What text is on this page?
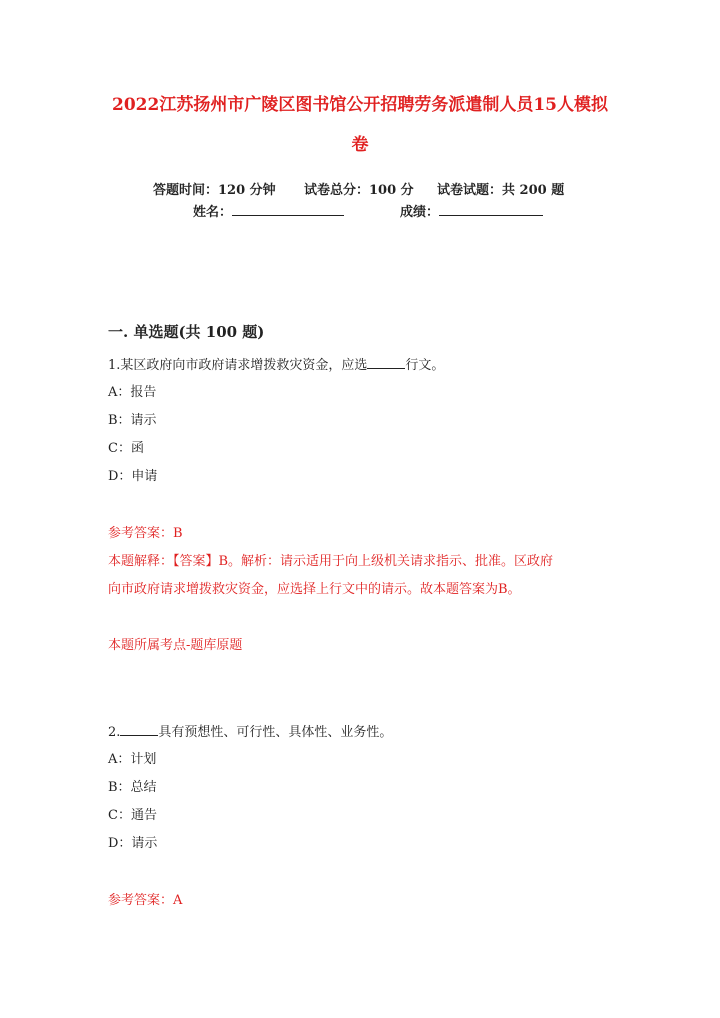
2022江苏扬州市广陵区图书馆公开招聘劳务派遣制人员15人模拟
卷
答题时间：120 分钟 试卷总分：100 分 试卷试题：共 200 题
姓名：	成绩：
一. 单选题(共 100 题)
1.某区政府向市政府请求增拨救灾资金，应选	行文。
A：报告
B：请示
C：函
D：申请
参考答案：B
本题解释：【答案】B。解析：请示适用于向上级机关请求指示、批准。区政府
向市政府请求增拨救灾资金，应选择上行文中的请示。故本题答案为B。
本题所属考点-题库原题
2.	具有预想性、可行性、具体性、业务性。
A：计划
B：总结
C：通告
D：请示
参考答案：A
